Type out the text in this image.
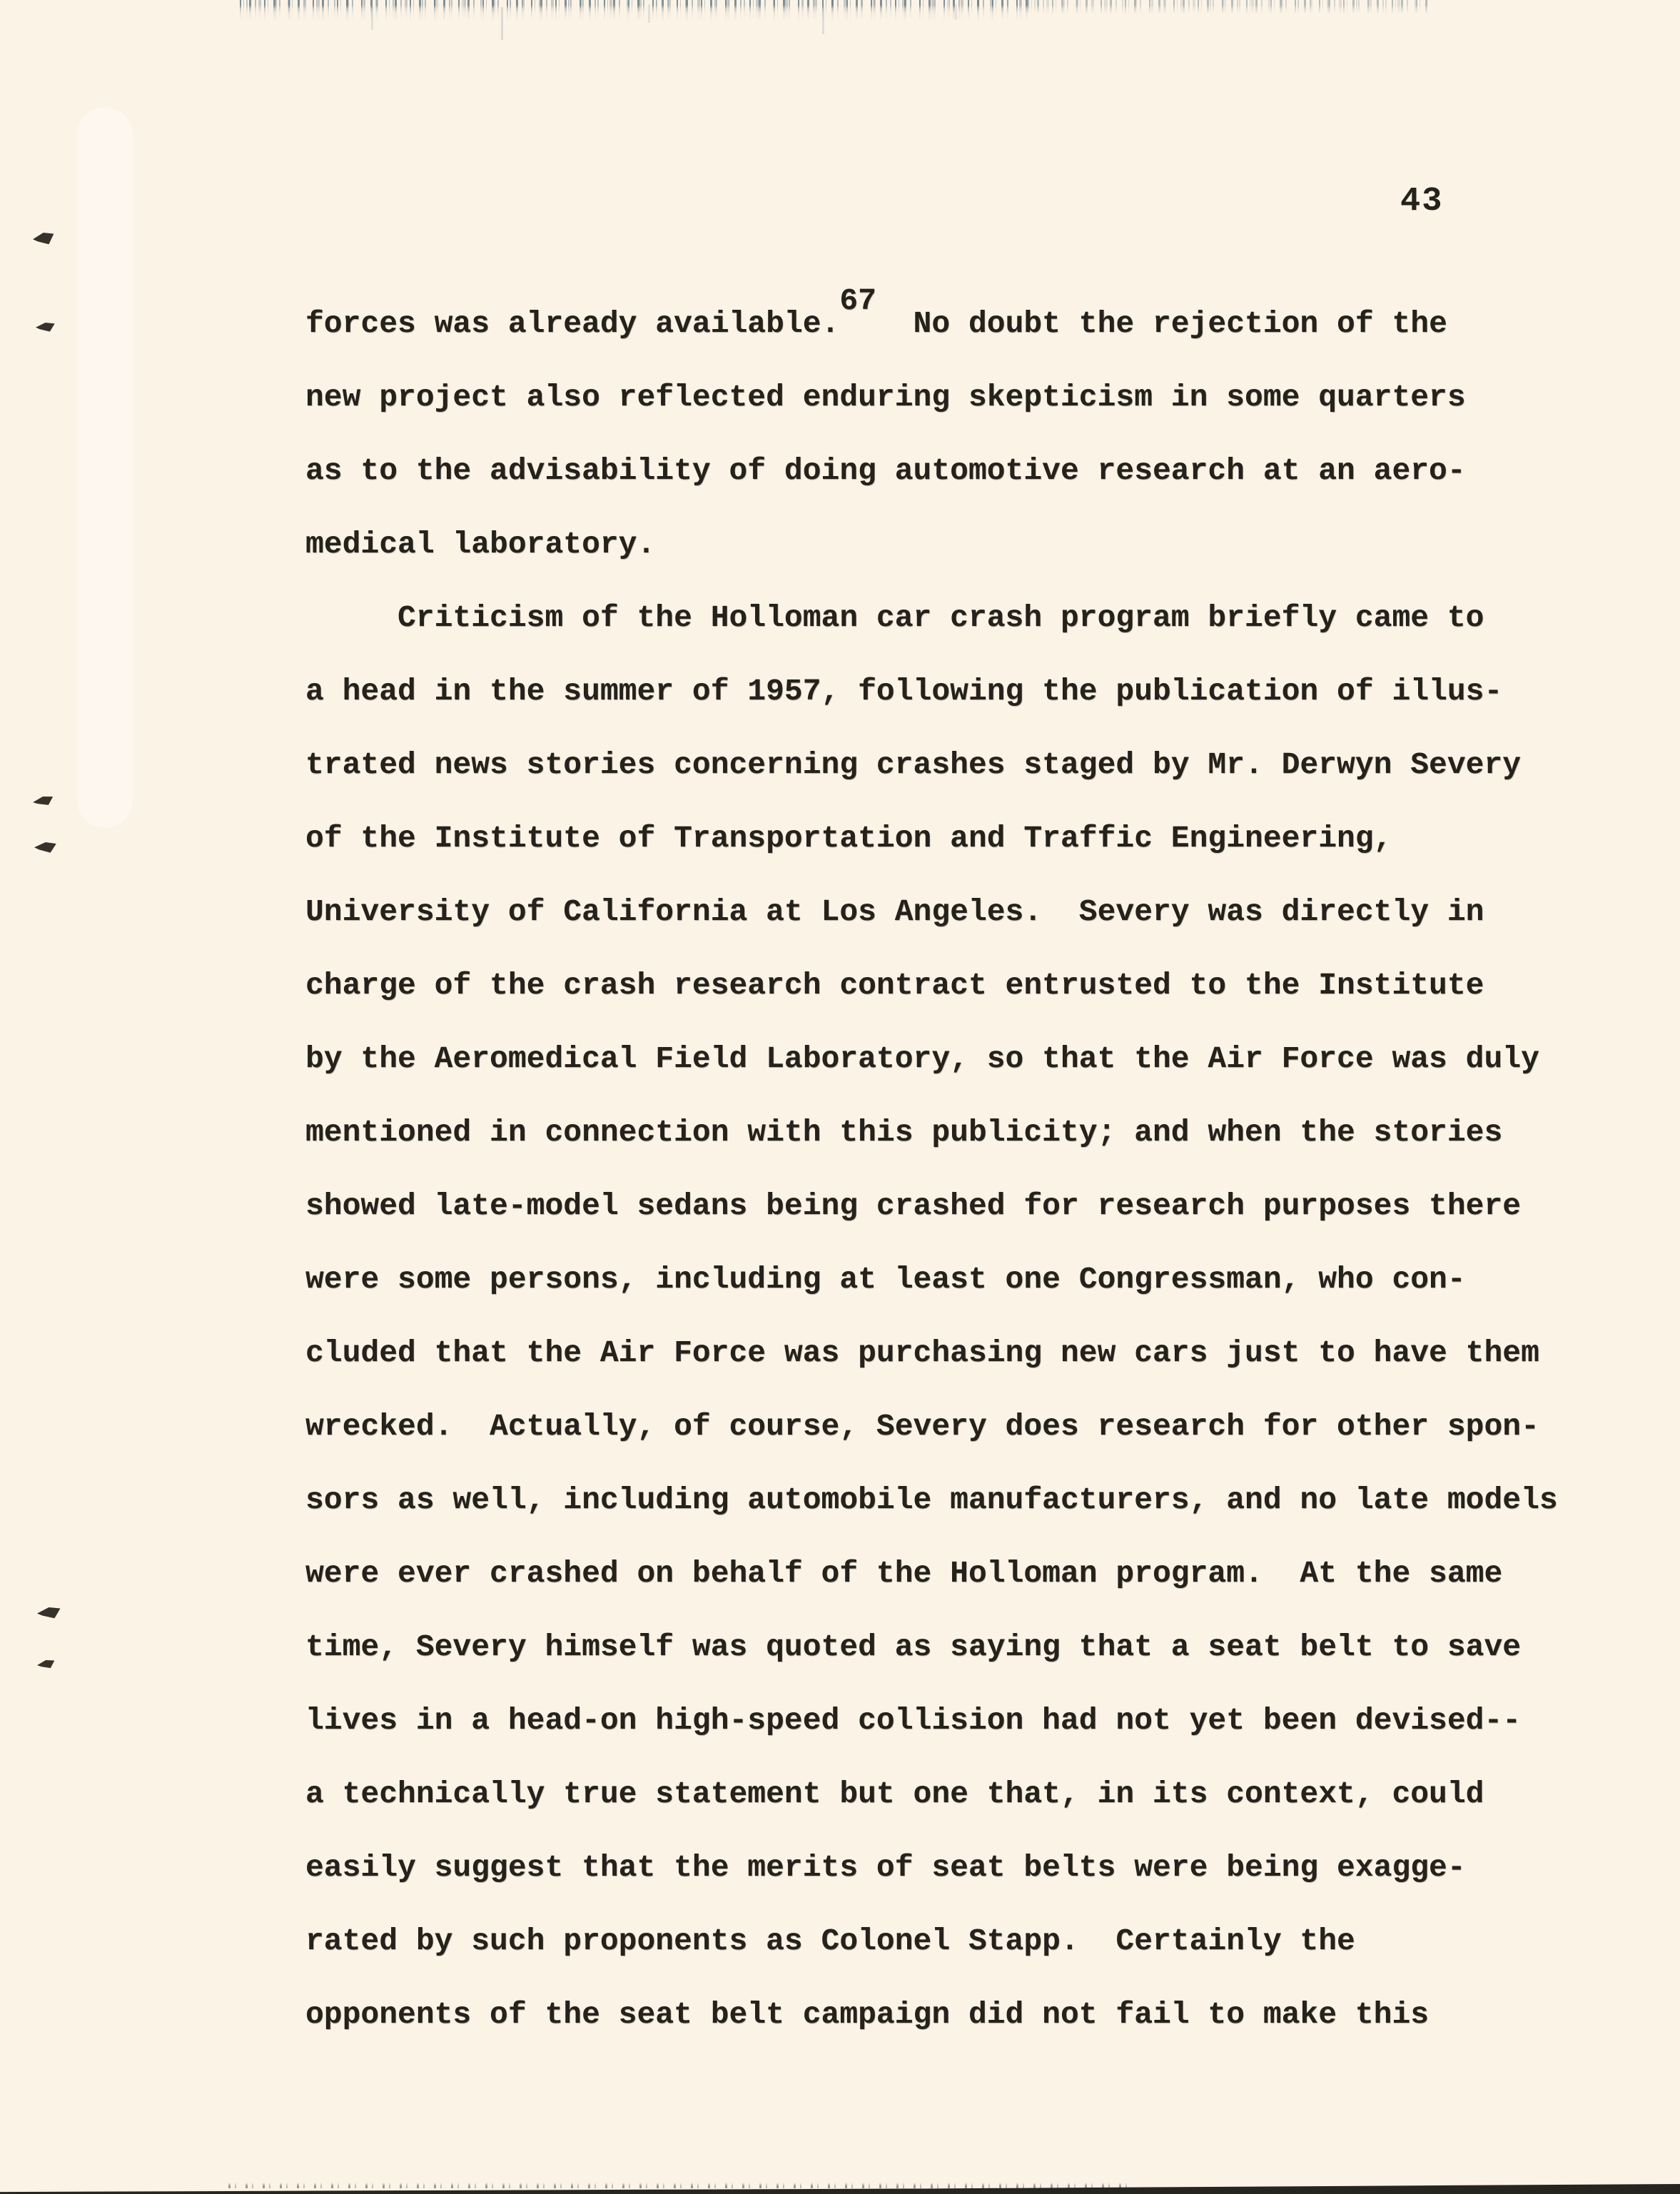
43
forces was already available.67  No doubt the rejection of the
new project also reflected enduring skepticism in some quarters
as to the advisability of doing automotive research at an aero-
medical laboratory.
Criticism of the Holloman car crash program briefly came to
a head in the summer of 1957, following the publication of illus-
trated news stories concerning crashes staged by Mr. Derwyn Severy
of the Institute of Transportation and Traffic Engineering,
University of California at Los Angeles.  Severy was directly in
charge of the crash research contract entrusted to the Institute
by the Aeromedical Field Laboratory, so that the Air Force was duly
mentioned in connection with this publicity; and when the stories
showed late-model sedans being crashed for research purposes there
were some persons, including at least one Congressman, who con-
cluded that the Air Force was purchasing new cars just to have them
wrecked.  Actually, of course, Severy does research for other spon-
sors as well, including automobile manufacturers, and no late models
were ever crashed on behalf of the Holloman program.  At the same
time, Severy himself was quoted as saying that a seat belt to save
lives in a head-on high-speed collision had not yet been devised--
a technically true statement but one that, in its context, could
easily suggest that the merits of seat belts were being exagge-
rated by such proponents as Colonel Stapp.  Certainly the
opponents of the seat belt campaign did not fail to make this
